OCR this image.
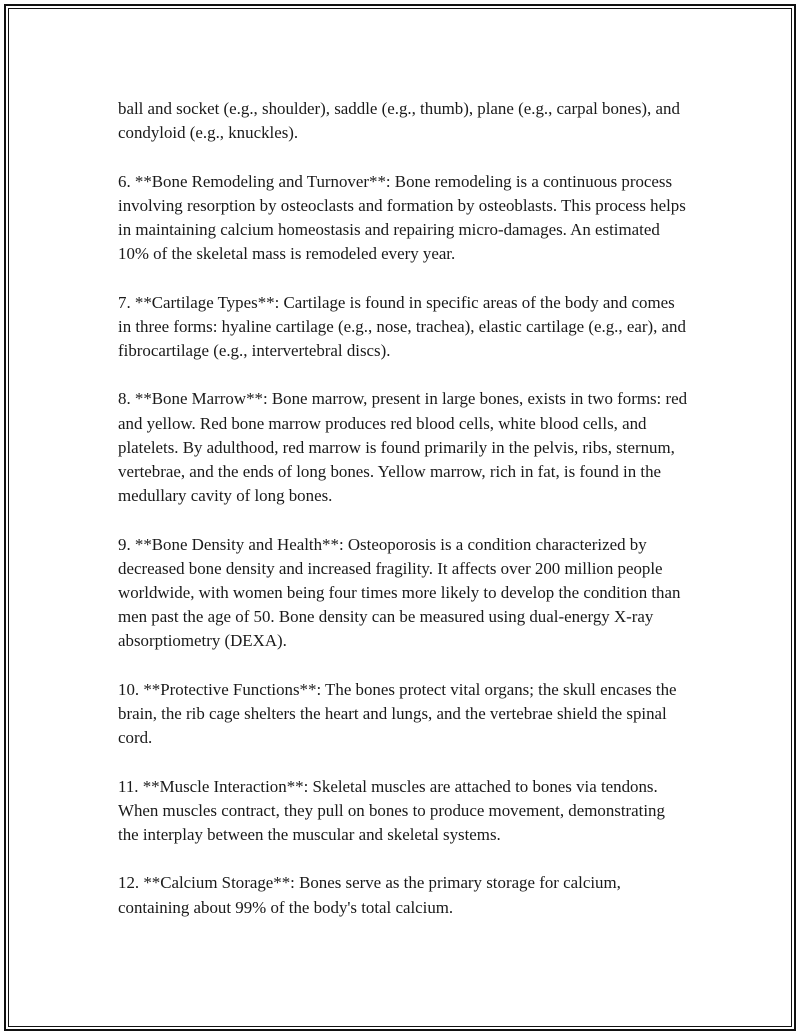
ball and socket (e.g., shoulder), saddle (e.g., thumb), plane (e.g., carpal bones), and condyloid (e.g., knuckles).

6. **Bone Remodeling and Turnover**: Bone remodeling is a continuous process involving resorption by osteoclasts and formation by osteoblasts. This process helps in maintaining calcium homeostasis and repairing micro-damages. An estimated 10% of the skeletal mass is remodeled every year.

7. **Cartilage Types**: Cartilage is found in specific areas of the body and comes in three forms: hyaline cartilage (e.g., nose, trachea), elastic cartilage (e.g., ear), and fibrocartilage (e.g., intervertebral discs).

8. **Bone Marrow**: Bone marrow, present in large bones, exists in two forms: red and yellow. Red bone marrow produces red blood cells, white blood cells, and platelets. By adulthood, red marrow is found primarily in the pelvis, ribs, sternum, vertebrae, and the ends of long bones. Yellow marrow, rich in fat, is found in the medullary cavity of long bones.

9. **Bone Density and Health**: Osteoporosis is a condition characterized by decreased bone density and increased fragility. It affects over 200 million people worldwide, with women being four times more likely to develop the condition than men past the age of 50. Bone density can be measured using dual-energy X-ray absorptiometry (DEXA).

10. **Protective Functions**: The bones protect vital organs; the skull encases the brain, the rib cage shelters the heart and lungs, and the vertebrae shield the spinal cord.

11. **Muscle Interaction**: Skeletal muscles are attached to bones via tendons. When muscles contract, they pull on bones to produce movement, demonstrating the interplay between the muscular and skeletal systems.

12. **Calcium Storage**: Bones serve as the primary storage for calcium, containing about 99% of the body's total calcium.
